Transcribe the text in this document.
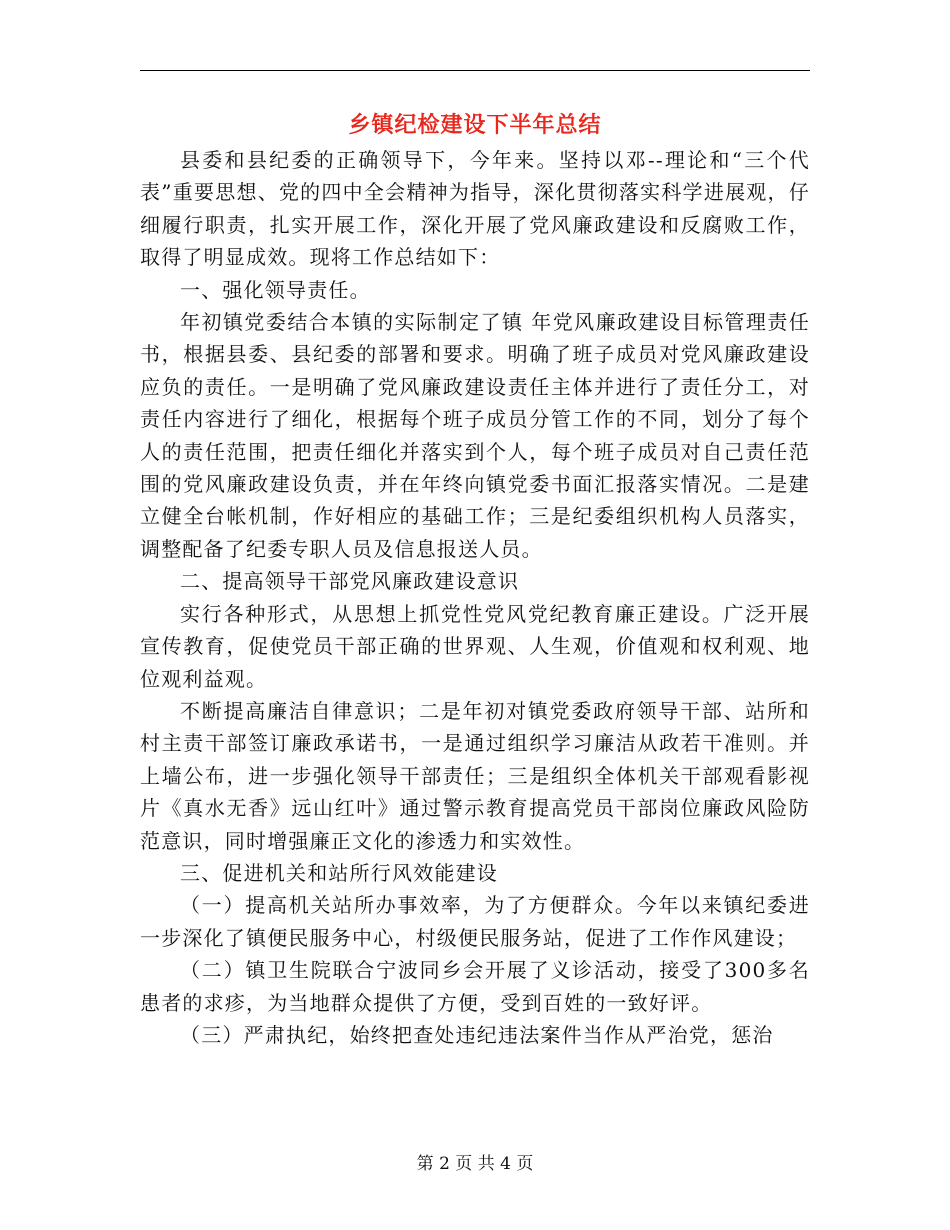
乡镇纪检建设下半年总结

县委和县纪委的正确领导下，今年来。坚持以邓--理论和“三个代表”重要思想、党的四中全会精神为指导，深化贯彻落实科学进展观，仔细履行职责，扎实开展工作，深化开展了党风廉政建设和反腐败工作，取得了明显成效。现将工作总结如下：

一、强化领导责任。

年初镇党委结合本镇的实际制定了镇 年党风廉政建设目标管理责任书，根据县委、县纪委的部署和要求。明确了班子成员对党风廉政建设应负的责任。一是明确了党风廉政建设责任主体并进行了责任分工，对责任内容进行了细化，根据每个班子成员分管工作的不同，划分了每个人的责任范围，把责任细化并落实到个人，每个班子成员对自己责任范围的党风廉政建设负责，并在年终向镇党委书面汇报落实情况。二是建立健全台帐机制，作好相应的基础工作；三是纪委组织机构人员落实，调整配备了纪委专职人员及信息报送人员。

二、提高领导干部党风廉政建设意识

实行各种形式，从思想上抓党性党风党纪教育廉正建设。广泛开展宣传教育，促使党员干部正确的世界观、人生观，价值观和权利观、地位观利益观。

不断提高廉洁自律意识；二是年初对镇党委政府领导干部、站所和村主责干部签订廉政承诺书，一是通过组织学习廉洁从政若干准则。并上墙公布，进一步强化领导干部责任；三是组织全体机关干部观看影视片《真水无香》远山红叶》通过警示教育提高党员干部岗位廉政风险防范意识，同时增强廉正文化的渗透力和实效性。

三、促进机关和站所行风效能建设

（一）提高机关站所办事效率，为了方便群众。今年以来镇纪委进一步深化了镇便民服务中心，村级便民服务站，促进了工作作风建设；

（二）镇卫生院联合宁波同乡会开展了义诊活动，接受了300多名患者的求疹，为当地群众提供了方便，受到百姓的一致好评。

（三）严肃执纪，始终把查处违纪违法案件当作从严治党，惩治

第 2 页 共 4 页
